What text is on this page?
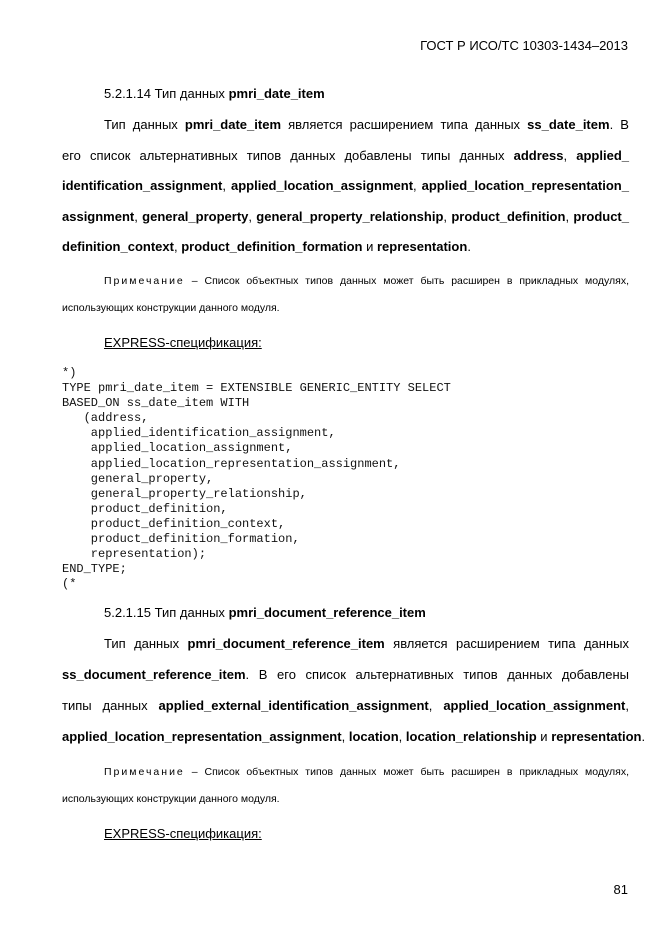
ГОСТ Р ИСО/ТС 10303-1434–2013
5.2.1.14 Тип данных pmri_date_item
Тип данных pmri_date_item является расширением типа данных ss_date_item. В
его список альтернативных типов данных добавлены типы данных address, applied_
identification_assignment, applied_location_assignment, applied_location_representation_
assignment, general_property, general_property_relationship, product_definition, product_
definition_context, product_definition_formation и representation.
Примечание – Список объектных типов данных может быть расширен в прикладных модулях,
использующих конструкции данного модуля.
EXPRESS-спецификация:
*)
TYPE pmri_date_item = EXTENSIBLE GENERIC_ENTITY SELECT
BASED_ON ss_date_item WITH
(address,
applied_identification_assignment,
applied_location_assignment,
applied_location_representation_assignment,
general_property,
general_property_relationship,
product_definition,
product_definition_context,
product_definition_formation,
representation);
END_TYPE;
(*
5.2.1.15 Тип данных pmri_document_reference_item
Тип данных pmri_document_reference_item является расширением типа данных
ss_document_reference_item. В его список альтернативных типов данных добавлены
типы данных applied_external_identification_assignment, applied_location_assignment,
applied_location_representation_assignment, location, location_relationship и representation.
Примечание – Список объектных типов данных может быть расширен в прикладных модулях,
использующих конструкции данного модуля.
EXPRESS-спецификация:
81
